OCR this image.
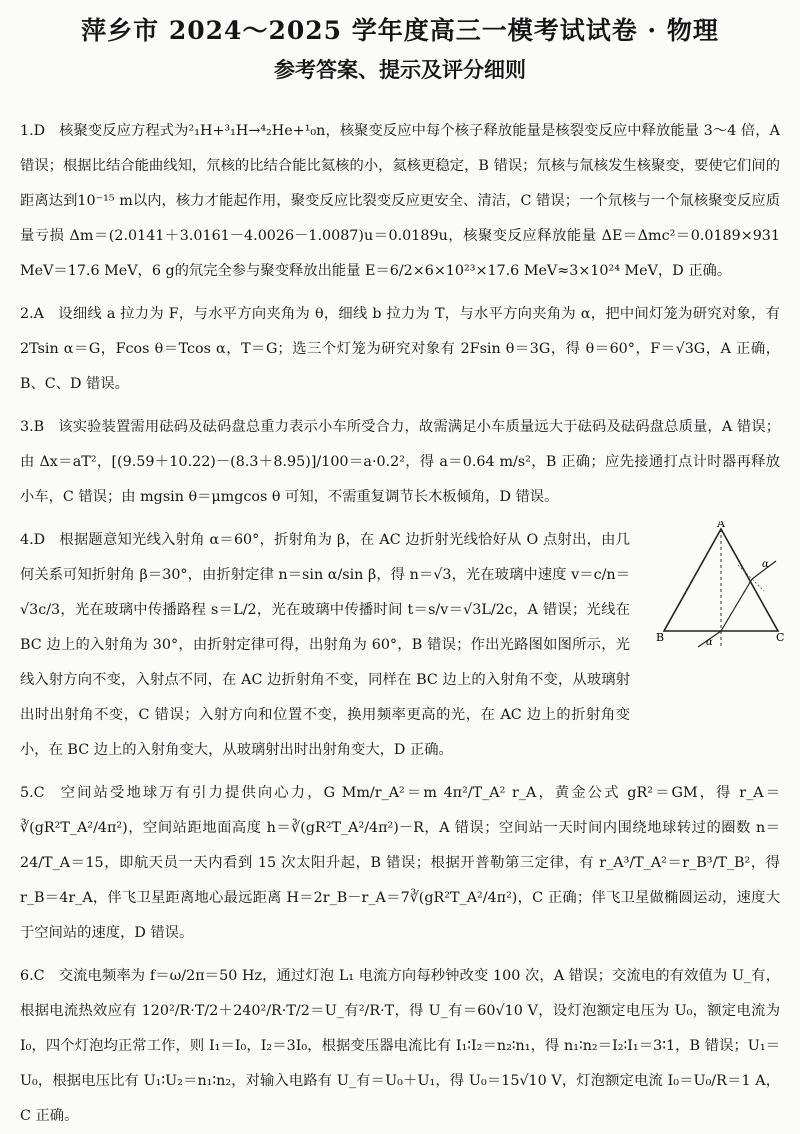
萍乡市 2024～2025 学年度高三一模考试试卷 · 物理
参考答案、提示及评分细则
1.D 核聚变反应方程式为²₁H+³₁H→⁴₂He+¹₀n，核聚变反应中每个核子释放能量是核裂变反应中释放能量 3～4 倍，A 错误；根据比结合能曲线知，氘核的比结合能比氦核的小，氦核更稳定，B 错误；氘核与氚核发生核聚变，要使它们间的距离达到10⁻¹⁵ m以内，核力才能起作用，聚变反应比裂变反应更安全、清洁，C 错误；一个氘核与一个氚核聚变反应质量亏损 Δm＝(2.0141＋3.0161－4.0026－1.0087)u＝0.0189u，核聚变反应释放能量 ΔE＝Δmc²＝0.0189×931 MeV＝17.6 MeV，6 g的氘完全参与聚变释放出能量 E＝6/2×6×10²³×17.6 MeV≈3×10²⁴ MeV，D 正确。
2.A 设细线 a 拉力为 F，与水平方向夹角为 θ，细线 b 拉力为 T，与水平方向夹角为 α，把中间灯笼为研究对象，有 2Tsin α＝G，Fcos θ＝Tcos α，T＝G；选三个灯笼为研究对象有 2Fsin θ＝3G，得 θ＝60°，F＝√3G，A 正确，B、C、D 错误。
3.B 该实验装置需用砝码及砝码盘总重力表示小车所受合力，故需满足小车质量远大于砝码及砝码盘总质量，A 错误；由 Δx＝aT²，[(9.59＋10.22)－(8.3＋8.95)]/100＝a·0.2²，得 a＝0.64 m/s²，B 正确；应先接通打点计时器再释放小车，C 错误；由 mgsin θ＝μmgcos θ 可知，不需重复调节长木板倾角，D 错误。
A
B	C
α
α
4.D 根据题意知光线入射角 α＝60°，折射角为 β，在 AC 边折射光线恰好从 O 点射出，由几何关系可知折射角 β＝30°，由折射定律 n＝sin α/sin β，得 n＝√3，光在玻璃中速度 v＝c/n＝√3c/3，光在玻璃中传播路程 s＝L/2，光在玻璃中传播时间 t＝s/v＝√3L/2c，A 错误；光线在 BC 边上的入射角为 30°，由折射定律可得，出射角为 60°，B 错误；作出光路图如图所示，光线入射方向不变，入射点不同，在 AC 边折射角不变，同样在 BC 边上的入射角不变，从玻璃射出时出射角不变，C 错误；入射方向和位置不变，换用频率更高的光，在 AC 边上的折射角变小，在 BC 边上的入射角变大，从玻璃射出时出射角变大，D 正确。
5.C 空间站受地球万有引力提供向心力，G Mm/r_A²＝m 4π²/T_A² r_A，黄金公式 gR²＝GM，得 r_A＝∛(gR²T_A²/4π²)，空间站距地面高度 h＝∛(gR²T_A²/4π²)－R，A 错误；空间站一天时间内围绕地球转过的圈数 n＝24/T_A＝15，即航天员一天内看到 15 次太阳升起，B 错误；根据开普勒第三定律，有 r_A³/T_A²＝r_B³/T_B²，得 r_B＝4r_A，伴飞卫星距离地心最远距离 H＝2r_B－r_A＝7∛(gR²T_A²/4π²)，C 正确；伴飞卫星做椭圆运动，速度大于空间站的速度，D 错误。
6.C 交流电频率为 f＝ω/2π＝50 Hz，通过灯泡 L₁ 电流方向每秒钟改变 100 次，A 错误；交流电的有效值为 U_有，根据电流热效应有 120²/R·T/2＋240²/R·T/2＝U_有²/R·T，得 U_有＝60√10 V，设灯泡额定电压为 U₀，额定电流为 I₀，四个灯泡均正常工作，则 I₁＝I₀，I₂＝3I₀，根据变压器电流比有 I₁∶I₂＝n₂∶n₁，得 n₁∶n₂＝I₂∶I₁＝3∶1，B 错误；U₁＝U₀，根据电压比有 U₁∶U₂＝n₁∶n₂，对输入电路有 U_有＝U₀＋U₁，得 U₀＝15√10 V，灯泡额定电流 I₀＝U₀/R＝1 A，C 正确。
